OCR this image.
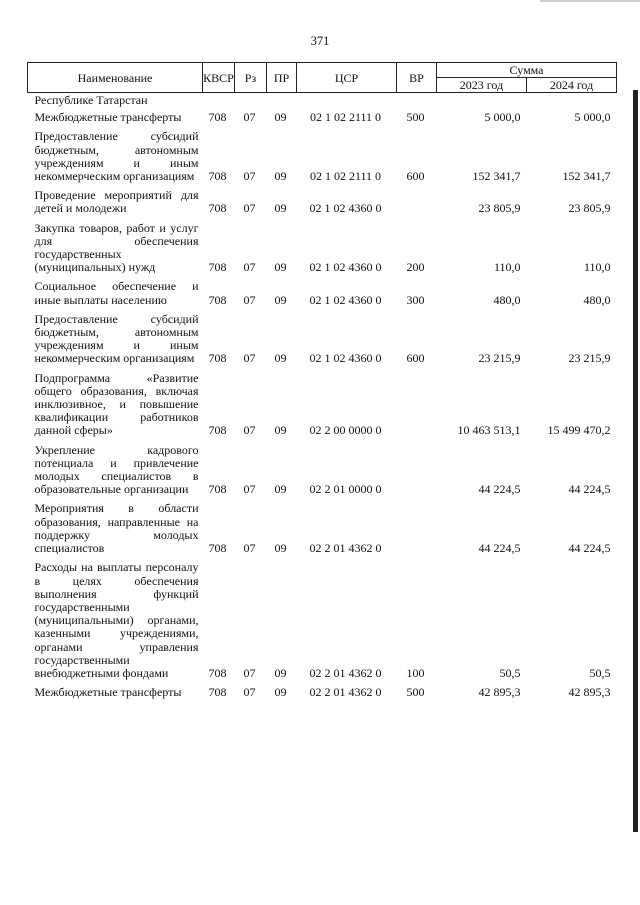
371
Наименование	КВСР	Рз	ПР	ЦСР	ВР	Сумма	
						2023 год	2024 год
Республике Татарстан							
Межбюджетные трансферты	708	07	09	02 1 02 2111 0	500	5 000,0	5 000,0
Предоставление субсидий бюджетным, автономным учреждениям и иным некоммерческим организациям	708	07	09	02 1 02 2111 0	600	152 341,7	152 341,7
Проведение мероприятий для детей и молодежи	708	07	09	02 1 02 4360 0		23 805,9	23 805,9
Закупка товаров, работ и услуг для обеспечения государственных (муниципальных) нужд	708	07	09	02 1 02 4360 0	200	110,0	110,0
Социальное обеспечение и иные выплаты населению	708	07	09	02 1 02 4360 0	300	480,0	480,0
Предоставление субсидий бюджетным, автономным учреждениям и иным некоммерческим организациям	708	07	09	02 1 02 4360 0	600	23 215,9	23 215,9
Подпрограмма «Развитие общего образования, включая инклюзивное, и повышение квалификации работников данной сферы»	708	07	09	02 2 00 0000 0		10 463 513,1	15 499 470,2
Укрепление кадрового потенциала и привлечение молодых специалистов в образовательные организации	708	07	09	02 2 01 0000 0		44 224,5	44 224,5
Мероприятия в области образования, направленные на поддержку молодых специалистов	708	07	09	02 2 01 4362 0		44 224,5	44 224,5
Расходы на выплаты персоналу в целях обеспечения выполнения функций государственными (муниципальными) органами, казенными учреждениями, органами управления государственными внебюджетными фондами	708	07	09	02 2 01 4362 0	100	50,5	50,5
Межбюджетные трансферты	708	07	09	02 2 01 4362 0	500	42 895,3	42 895,3
